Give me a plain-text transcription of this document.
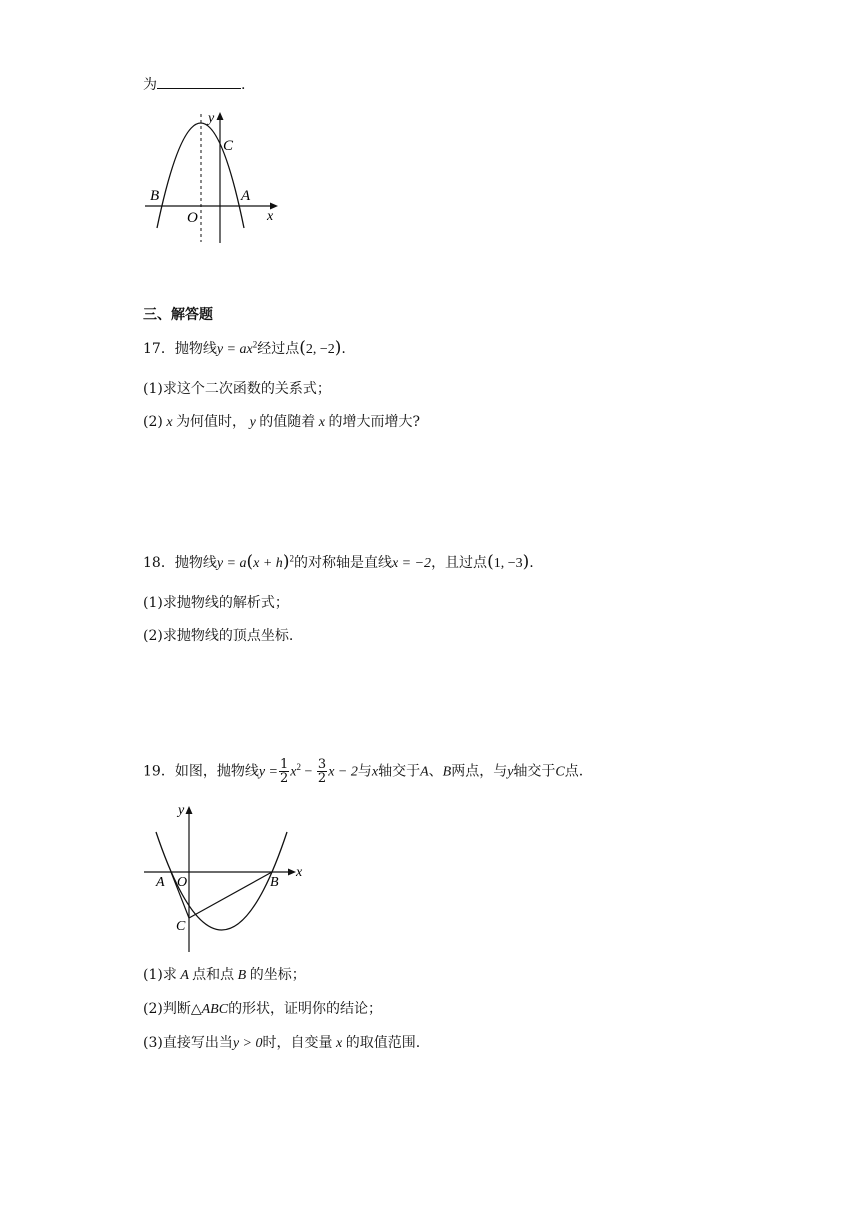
为	.
y
C
B	A
O	x
三、解答题
17．抛物线$y = ax^2$经过点(2, −2).
(1)求这个二次函数的关系式；
(2) x 为何值时， y 的值随着 x 的增大而增大?
18．抛物线$y = a(x + h)^2$的对称轴是直线x = −2，且过点(1, −3).
(1)求抛物线的解析式；
(2)求抛物线的顶点坐标.
19．如图，抛物线$y = \frac{1}{2} x^2 - \frac{3}{2}$ x − 2与x轴交于A、B两点，与y轴交于C点.
y
A O	B
x
C
(1)求 A 点和点 B 的坐标；
(2)判断△ABC的形状，证明你的结论；
(3)直接写出当y > 0时，自变量 x 的取值范围.
